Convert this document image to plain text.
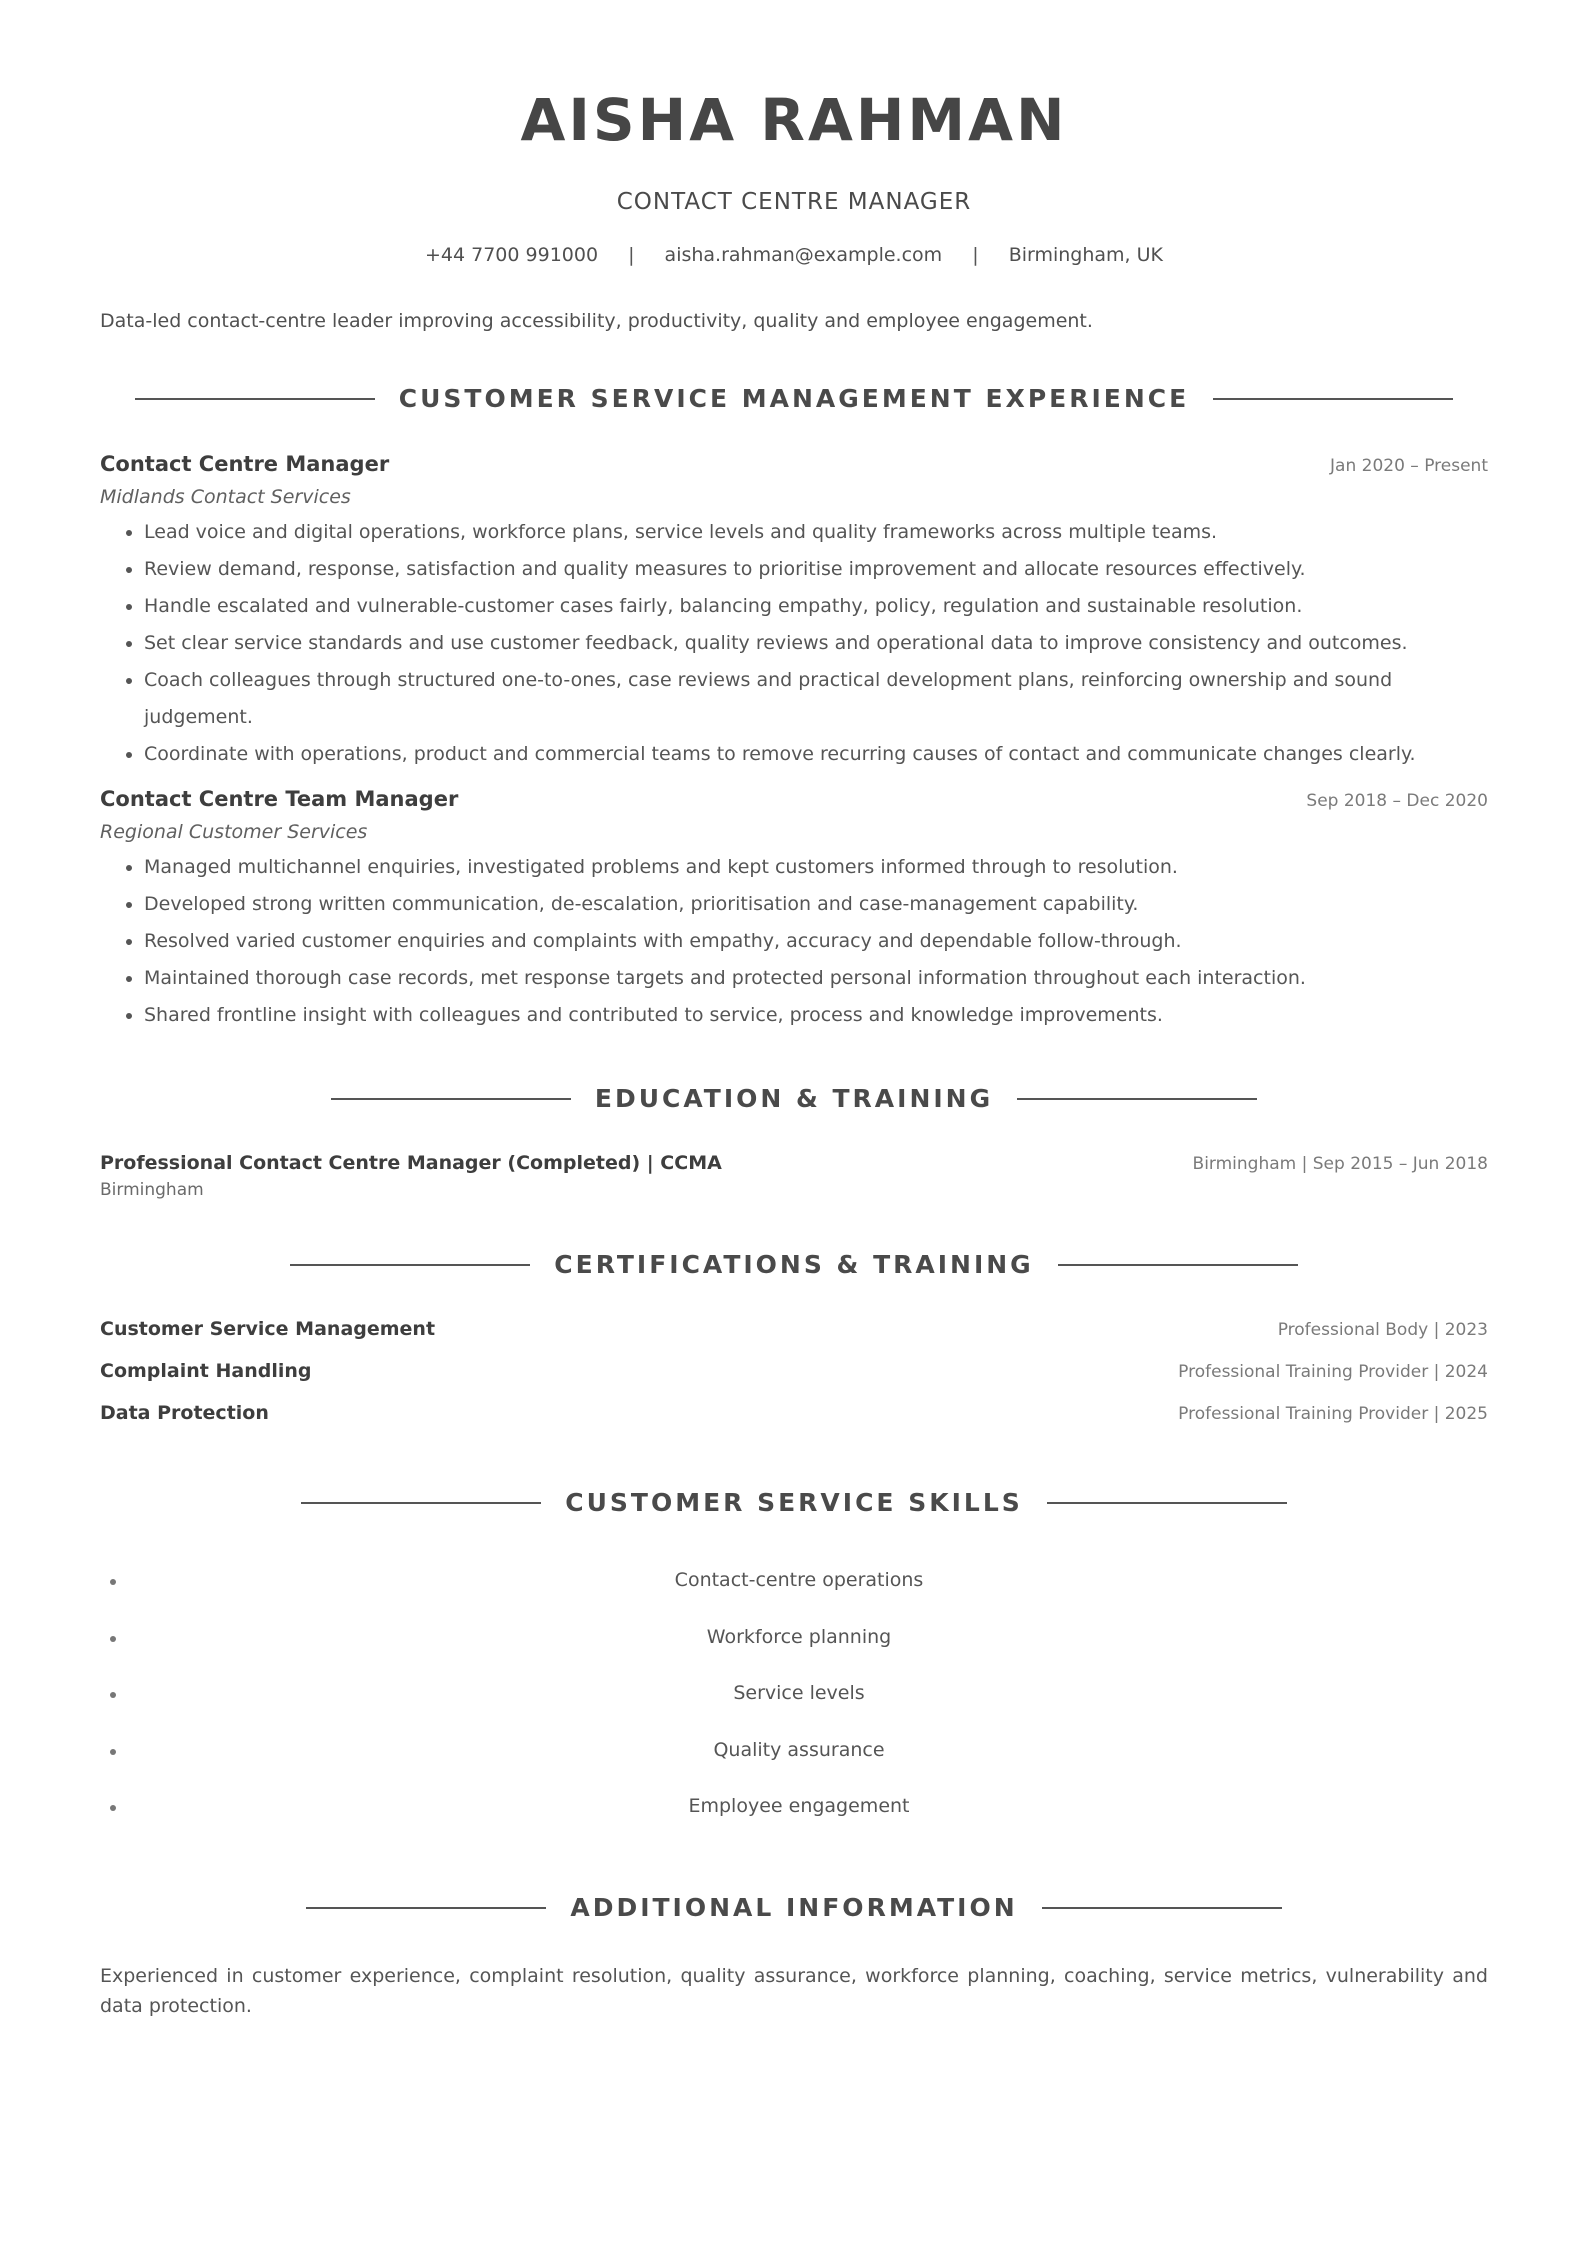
AISHA RAHMAN
CONTACT CENTRE MANAGER
+44 7700 991000 | aisha.rahman@example.com | Birmingham, UK
Data-led contact-centre leader improving accessibility, productivity, quality and employee engagement.
CUSTOMER SERVICE MANAGEMENT EXPERIENCE
Contact Centre Manager	Jan 2020 – Present
Midlands Contact Services
• Lead voice and digital operations, workforce plans, service levels and quality frameworks across multiple teams.
• Review demand, response, satisfaction and quality measures to prioritise improvement and allocate resources effectively.
• Handle escalated and vulnerable-customer cases fairly, balancing empathy, policy, regulation and sustainable resolution.
• Set clear service standards and use customer feedback, quality reviews and operational data to improve consistency and outcomes.
• Coach colleagues through structured one-to-ones, case reviews and practical development plans, reinforcing ownership and sound judgement.
• Coordinate with operations, product and commercial teams to remove recurring causes of contact and communicate changes clearly.
Contact Centre Team Manager	Sep 2018 – Dec 2020
Regional Customer Services
• Managed multichannel enquiries, investigated problems and kept customers informed through to resolution.
• Developed strong written communication, de-escalation, prioritisation and case-management capability.
• Resolved varied customer enquiries and complaints with empathy, accuracy and dependable follow-through.
• Maintained thorough case records, met response targets and protected personal information throughout each interaction.
• Shared frontline insight with colleagues and contributed to service, process and knowledge improvements.
EDUCATION & TRAINING
Professional Contact Centre Manager (Completed) | CCMA	Birmingham | Sep 2015 – Jun 2018
Birmingham
CERTIFICATIONS & TRAINING
Customer Service Management	Professional Body | 2023
Complaint Handling	Professional Training Provider | 2024
Data Protection	Professional Training Provider | 2025
CUSTOMER SERVICE SKILLS
Contact-centre operations
Workforce planning
Service levels
Quality assurance
Employee engagement
ADDITIONAL INFORMATION
Experienced in customer experience, complaint resolution, quality assurance, workforce planning, coaching, service metrics, vulnerability and data protection.
